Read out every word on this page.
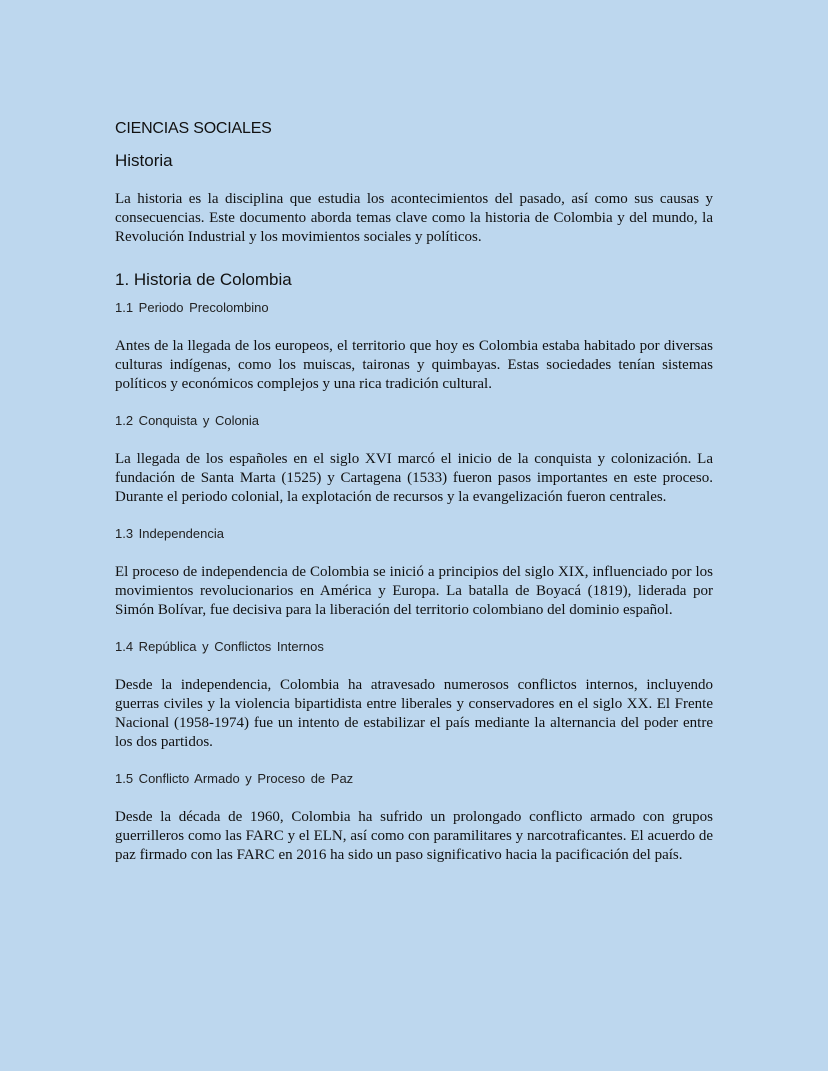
CIENCIAS SOCIALES
Historia

La historia es la disciplina que estudia los acontecimientos del pasado, así como sus causas y consecuencias. Este documento aborda temas clave como la historia de Colombia y del mundo, la Revolución Industrial y los movimientos sociales y políticos.

1. Historia de Colombia
1.1 Periodo Precolombino

Antes de la llegada de los europeos, el territorio que hoy es Colombia estaba habitado por diversas culturas indígenas, como los muiscas, taironas y quimbayas. Estas sociedades tenían sistemas políticos y económicos complejos y una rica tradición cultural.

1.2 Conquista y Colonia

La llegada de los españoles en el siglo XVI marcó el inicio de la conquista y colonización. La fundación de Santa Marta (1525) y Cartagena (1533) fueron pasos importantes en este proceso. Durante el periodo colonial, la explotación de recursos y la evangelización fueron centrales.

1.3 Independencia

El proceso de independencia de Colombia se inició a principios del siglo XIX, influenciado por los movimientos revolucionarios en América y Europa. La batalla de Boyacá (1819), liderada por Simón Bolívar, fue decisiva para la liberación del territorio colombiano del dominio español.

1.4 República y Conflictos Internos

Desde la independencia, Colombia ha atravesado numerosos conflictos internos, incluyendo guerras civiles y la violencia bipartidista entre liberales y conservadores en el siglo XX. El Frente Nacional (1958-1974) fue un intento de estabilizar el país mediante la alternancia del poder entre los dos partidos.

1.5 Conflicto Armado y Proceso de Paz

Desde la década de 1960, Colombia ha sufrido un prolongado conflicto armado con grupos guerrilleros como las FARC y el ELN, así como con paramilitares y narcotraficantes. El acuerdo de paz firmado con las FARC en 2016 ha sido un paso significativo hacia la pacificación del país.
